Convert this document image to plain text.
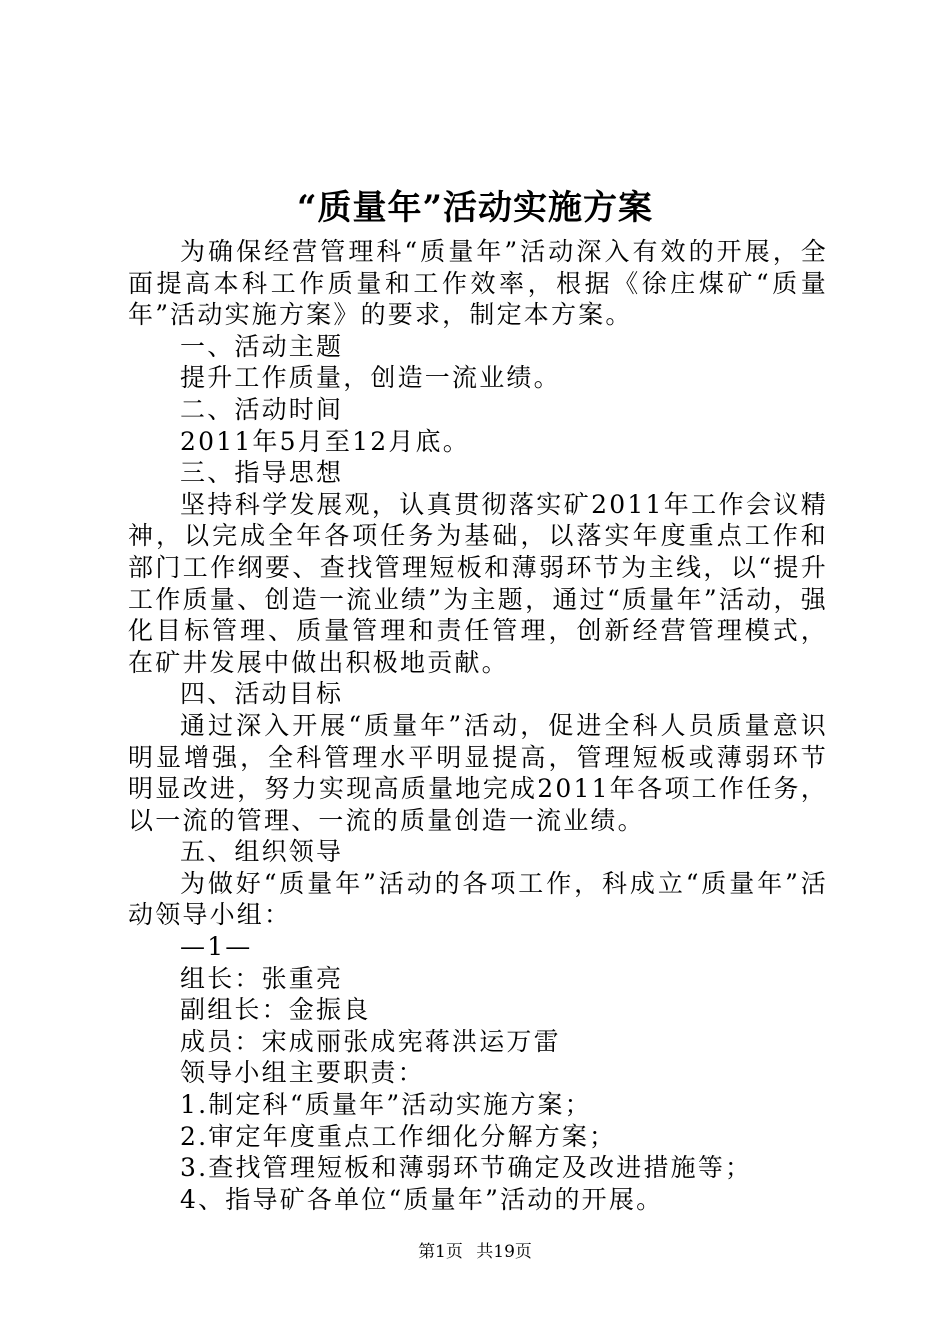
“质量年”活动实施方案

为确保经营管理科“质量年”活动深入有效的开展，全面提高本科工作质量和工作效率，根据《徐庄煤矿“质量年”活动实施方案》的要求，制定本方案。

一、活动主题

提升工作质量，创造一流业绩。

二、活动时间

2011年5月至12月底。

三、指导思想

坚持科学发展观，认真贯彻落实矿2011年工作会议精神，以完成全年各项任务为基础，以落实年度重点工作和部门工作纲要、查找管理短板和薄弱环节为主线，以“提升工作质量、创造一流业绩”为主题，通过“质量年”活动，强化目标管理、质量管理和责任管理，创新经营管理模式，在矿井发展中做出积极地贡献。

四、活动目标

通过深入开展“质量年”活动，促进全科人员质量意识明显增强，全科管理水平明显提高，管理短板或薄弱环节明显改进，努力实现高质量地完成2011年各项工作任务，以一流的管理、一流的质量创造一流业绩。

五、组织领导

为做好“质量年”活动的各项工作，科成立“质量年”活动领导小组：

—1—

组长：张重亮

副组长：金振良

成员：宋成丽张成宪蒋洪运万雷

领导小组主要职责：

1.制定科“质量年”活动实施方案；

2.审定年度重点工作细化分解方案；

3.查找管理短板和薄弱环节确定及改进措施等；

4、指导矿各单位“质量年”活动的开展。

第1页 共19页
